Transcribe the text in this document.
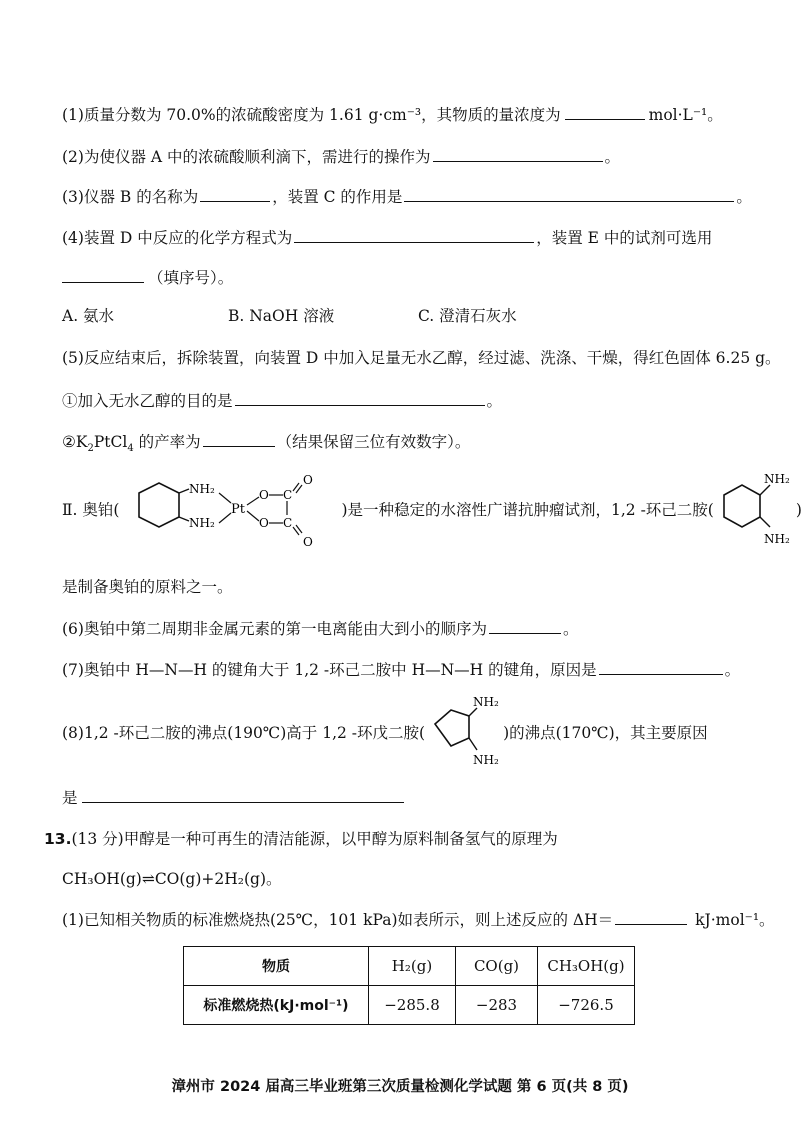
(1)质量分数为 70.0%的浓硫酸密度为 1.61 g·cm⁻³，其物质的量浓度为	mol·L⁻¹。
(2)为使仪器 A 中的浓硫酸顺利滴下，需进行的操作为	。
(3)仪器 B 的名称为	，装置 C 的作用是	。
(4)装置 D 中反应的化学方程式为	，装置 E 中的试剂可选用
（填序号）。
A. 氨水	B. NaOH 溶液	C. 澄清石灰水
(5)反应结束后，拆除装置，向装置 D 中加入足量无水乙醇，经过滤、洗涤、干燥，得红色固体 6.25 g。
①加入无水乙醇的目的是	。
$②K_2PtCl_4$ 的产率为	（结果保留三位有效数字）。
Ⅱ. 奥铂(
NH₂
NH₂
Pt
O
O
C
C
O
O
)是一种稳定的水溶性广谱抗肿瘤试剂，1,2 -环己二胺(
NH₂
NH₂
)
是制备奥铂的原料之一。
(6)奥铂中第二周期非金属元素的第一电离能由大到小的顺序为	。
(7)奥铂中 H—N—H 的键角大于 1,2 -环己二胺中 H—N—H 的键角，原因是	。
(8)1,2 -环己二胺的沸点(190℃)高于 1,2 -环戊二胺(
NH₂
NH₂
)的沸点(170℃)，其主要原因
是
13.(13 分)甲醇是一种可再生的清洁能源，以甲醇为原料制备氢气的原理为
CH₃OH(g)⇌CO(g)+2H₂(g)。
(1)已知相关物质的标准燃烧热(25℃，101 kPa)如表所示，则上述反应的 ΔH＝	kJ·mol⁻¹。
物质	H₂(g)	CO(g)	CH₃OH(g)
标准燃烧热(kJ·mol⁻¹)	−285.8	−283	−726.5
漳州市 2024 届高三毕业班第三次质量检测化学试题 第 6 页(共 8 页)
